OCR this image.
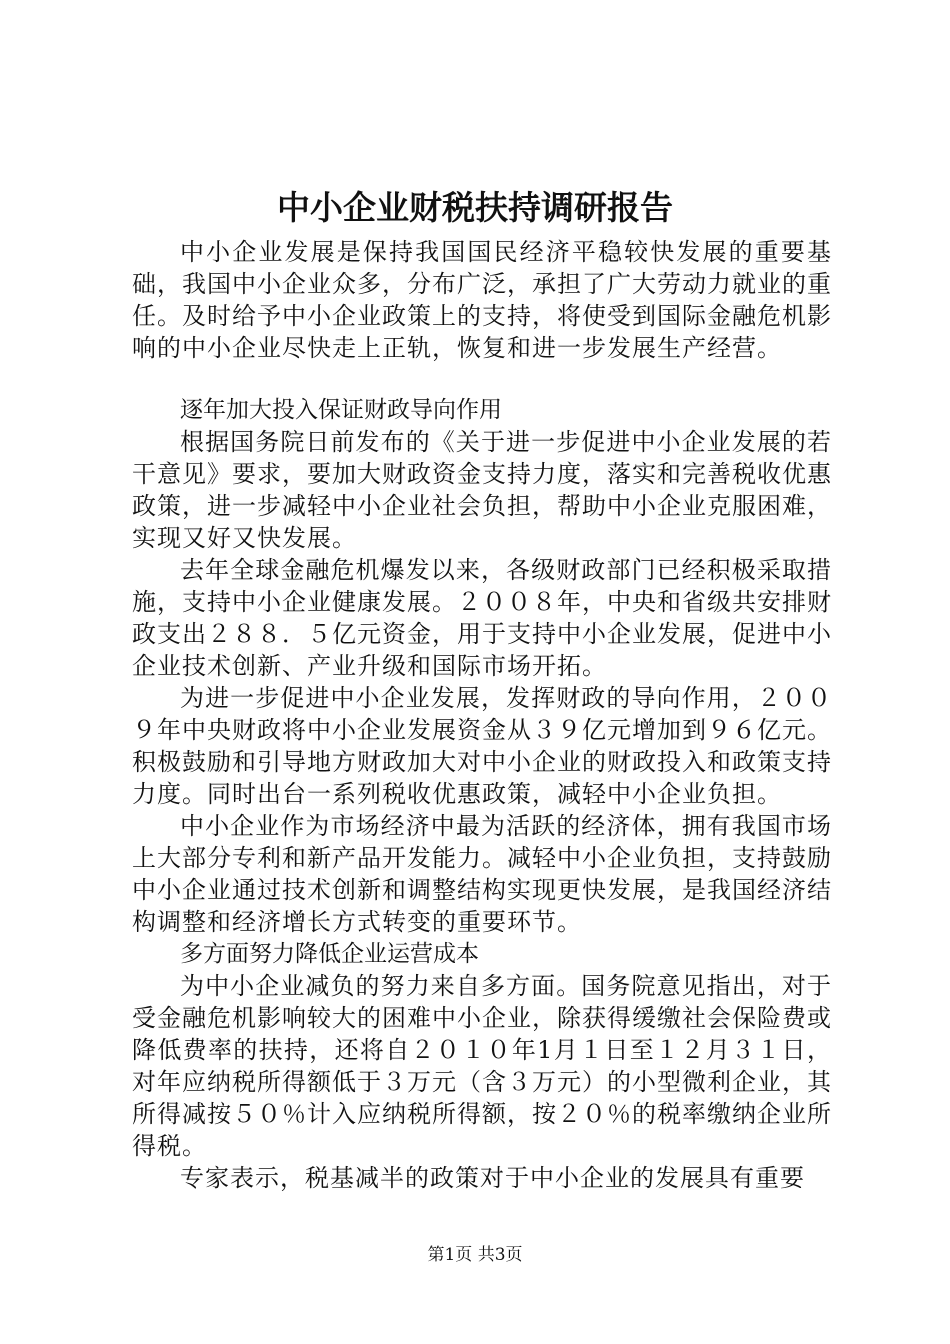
中小企业财税扶持调研报告

中小企业发展是保持我国国民经济平稳较快发展的重要基础，我国中小企业众多，分布广泛，承担了广大劳动力就业的重任。及时给予中小企业政策上的支持，将使受到国际金融危机影响的中小企业尽快走上正轨，恢复和进一步发展生产经营。

逐年加大投入保证财政导向作用

根据国务院日前发布的《关于进一步促进中小企业发展的若干意见》要求，要加大财政资金支持力度，落实和完善税收优惠政策，进一步减轻中小企业社会负担，帮助中小企业克服困难，实现又好又快发展。

去年全球金融危机爆发以来，各级财政部门已经积极采取措施，支持中小企业健康发展。２００８年，中央和省级共安排财政支出２８８．５亿元资金，用于支持中小企业发展，促进中小企业技术创新、产业升级和国际市场开拓。

为进一步促进中小企业发展，发挥财政的导向作用，２００９年中央财政将中小企业发展资金从３９亿元增加到９６亿元。积极鼓励和引导地方财政加大对中小企业的财政投入和政策支持力度。同时出台一系列税收优惠政策，减轻中小企业负担。

中小企业作为市场经济中最为活跃的经济体，拥有我国市场上大部分专利和新产品开发能力。减轻中小企业负担，支持鼓励中小企业通过技术创新和调整结构实现更快发展，是我国经济结构调整和经济增长方式转变的重要环节。

多方面努力降低企业运营成本

为中小企业减负的努力来自多方面。国务院意见指出，对于受金融危机影响较大的困难中小企业，除获得缓缴社会保险费或降低费率的扶持，还将自２０１０年1月１日至１２月３１日，对年应纳税所得额低于３万元（含３万元）的小型微利企业，其所得减按５０％计入应纳税所得额，按２０％的税率缴纳企业所得税。

专家表示，税基减半的政策对于中小企业的发展具有重要

第1页 共3页
